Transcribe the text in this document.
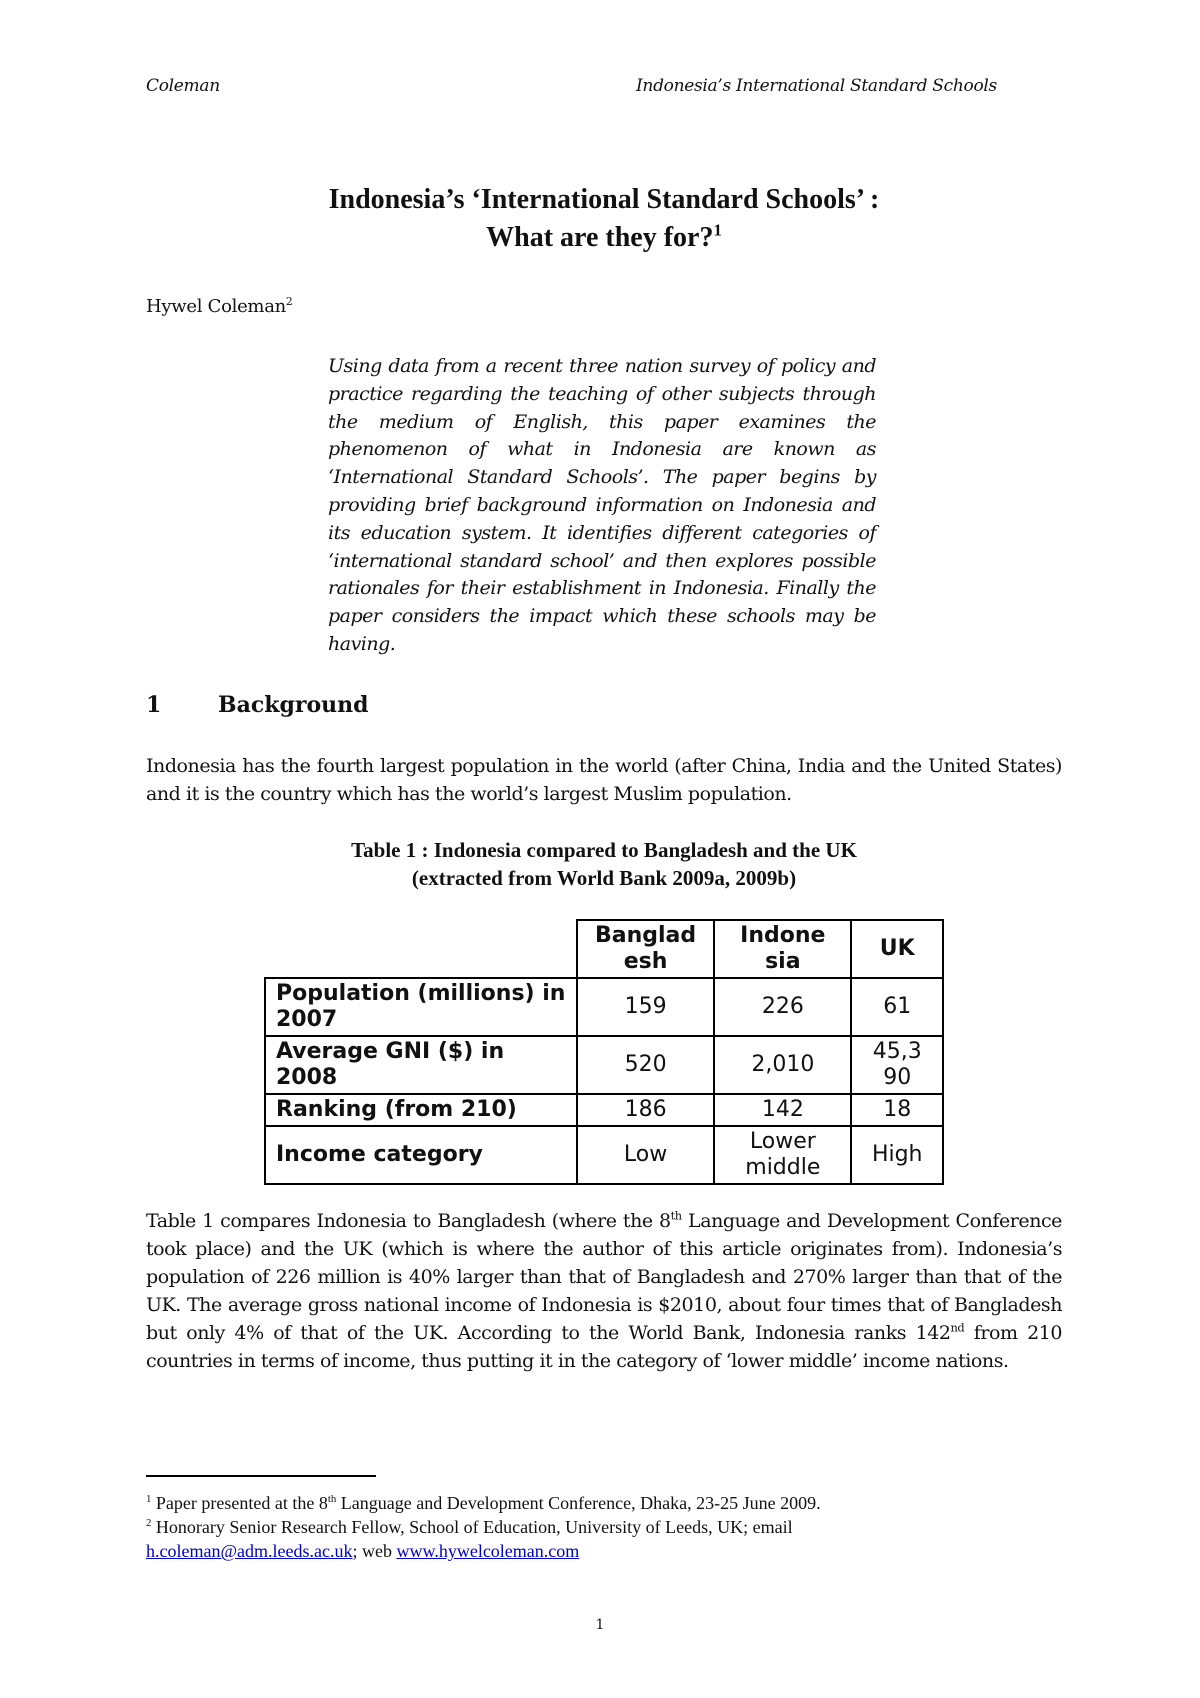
Coleman	Indonesia’s International Standard Schools
Indonesia’s ‘International Standard Schools’ :
What are they for?$^1$
Hywel Coleman$^2$
Using data from a recent three nation survey of policy and practice regarding the teaching of other subjects through the medium of English, this paper examines the phenomenon of what in Indonesia are known as ‘International Standard Schools’. The paper begins by providing brief background information on Indonesia and its education system. It identifies different categories of ‘international standard school’ and then explores possible rationales for their establishment in Indonesia. Finally the paper considers the impact which these schools may be having.
1	Background
Indonesia has the fourth largest population in the world (after China, India and the United States) and it is the country which has the world’s largest Muslim population.
Table 1 : Indonesia compared to Bangladesh and the UK
(extracted from World Bank 2009a, 2009b)
	Banglad esh	Indone sia	UK
Population (millions) in 2007	159	226	61
Average GNI ($) in 2008	520	2,010	45,3 90
Ranking (from 210)	186	142	18
Income category	Low	Lower middle	High
Table 1 compares Indonesia to Bangladesh (where the 8th Language and Development Conference took place) and the UK (which is where the author of this article originates from). Indonesia’s population of 226 million is 40% larger than that of Bangladesh and 270% larger than that of the UK. The average gross national income of Indonesia is $2010, about four times that of Bangladesh but only 4% of that of the UK. According to the World Bank, Indonesia ranks 142nd from 210 countries in terms of income, thus putting it in the category of ‘lower middle’ income nations.
$^1$ Paper presented at the 8th Language and Development Conference, Dhaka, 23-25 June 2009.
$^2$ Honorary Senior Research Fellow, School of Education, University of Leeds, UK; email
h.coleman@adm.leeds.ac.uk; web www.hywelcoleman.com
1
